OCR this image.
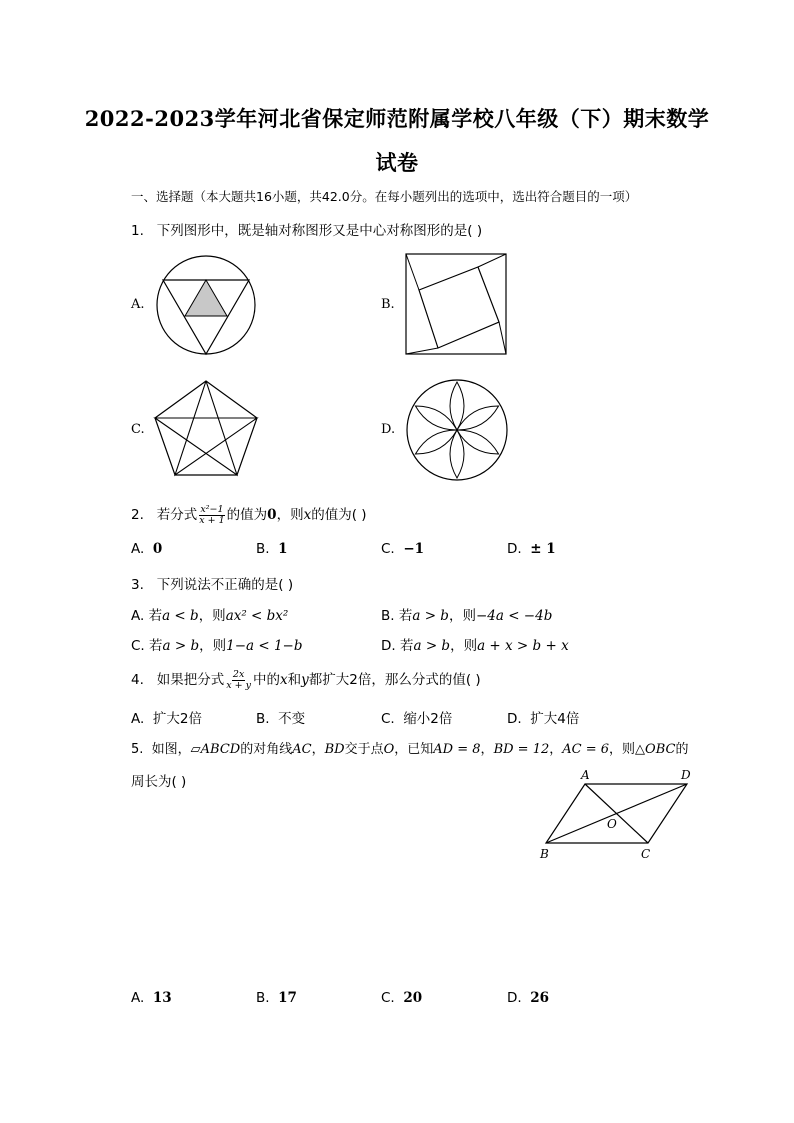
2022-2023学年河北省保定师范附属学校八年级（下）期末数学
试卷
一、选择题（本大题共16小题，共42.0分。在每小题列出的选项中，选出符合题目的一项）
1. 下列图形中，既是轴对称图形又是中心对称图形的是( )
A.	B.
C.	D.
2. 若分式 $\frac{\text{x²−1}}{x + 1}$ 的值为0，则x的值为( )
A. 0	B. 1	C. −1	D. ± 1
3. 下列说法不正确的是( )
A. 若a < b，则ax² < bx²	B. 若a > b，则−4a < −4b
C. 若a > b，则1−a < 1−b	D. 若a > b，则a + x > b + x
4. 如果把分式 $\frac{2x}{x + y}$ 中的x和y都扩大2倍，那么分式的值( )
A. 扩大2倍	B. 不变	C. 缩小2倍	D. 扩大4倍
5. 如图，▱ABCD的对角线AC，BD交于点O，已知AD = 8，BD = 12，AC = 6，则△OBC的
周长为( )	A	D
B	C
O
A. 13	B. 17	C. 20	D. 26
